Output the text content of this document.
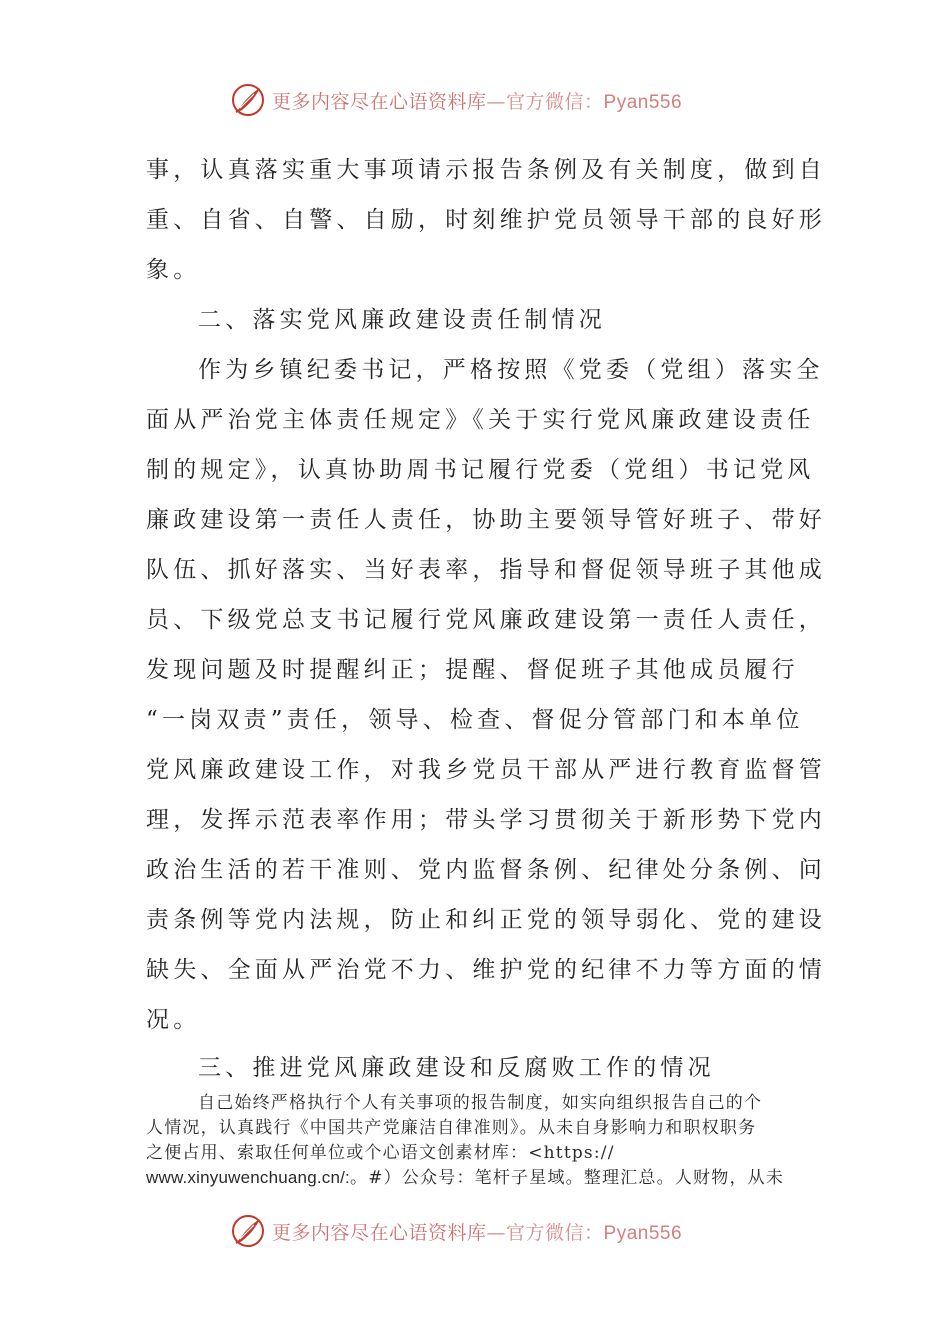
更多内容尽在心语资料库—官方微信：Pyan556
事，认真落实重大事项请示报告条例及有关制度，做到自
重、自省、自警、自励，时刻维护党员领导干部的良好形
象。
二、落实党风廉政建设责任制情况
作为乡镇纪委书记，严格按照《党委（党组）落实全
面从严治党主体责任规定》《关于实行党风廉政建设责任
制的规定》，认真协助周书记履行党委（党组）书记党风
廉政建设第一责任人责任，协助主要领导管好班子、带好
队伍、抓好落实、当好表率，指导和督促领导班子其他成
员、下级党总支书记履行党风廉政建设第一责任人责任，
发现问题及时提醒纠正；提醒、督促班子其他成员履行
“一岗双责”责任，领导、检查、督促分管部门和本单位
党风廉政建设工作，对我乡党员干部从严进行教育监督管
理，发挥示范表率作用；带头学习贯彻关于新形势下党内
政治生活的若干准则、党内监督条例、纪律处分条例、问
责条例等党内法规，防止和纠正党的领导弱化、党的建设
缺失、全面从严治党不力、维护党的纪律不力等方面的情
况。
三、推进党风廉政建设和反腐败工作的情况
自己始终严格执行个人有关事项的报告制度，如实向组织报告自己的个
人情况，认真践行《中国共产党廉洁自律准则》。从未自身影响力和职权职务
之便占用、索取任何单位或个心语文创素材库：<https://
www.xinyuwenchuang.cn/:。#）公众号：笔杆子星域。整理汇总。人财物，从未
更多内容尽在心语资料库—官方微信：Pyan556
